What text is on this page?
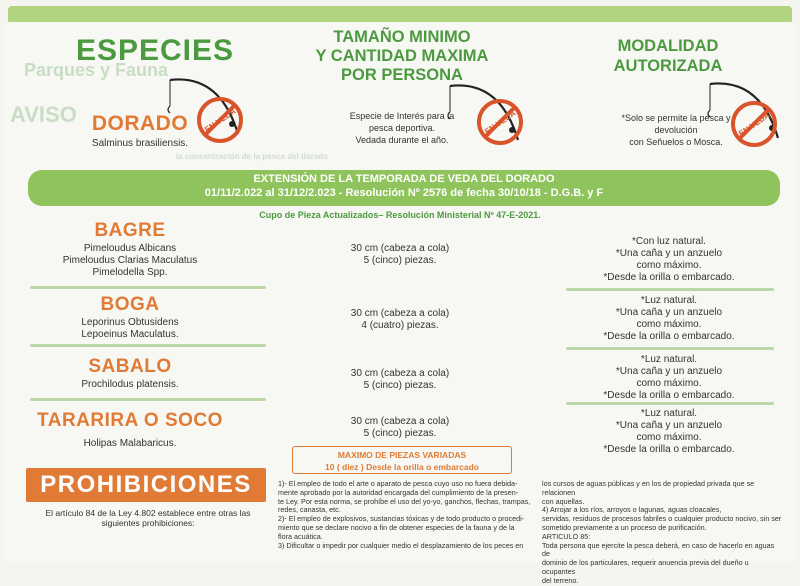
Parques y Fauna
AVISO
la concentración de la pesca del dorado
ESPECIES	TAMAÑO MINIMO
Y CANTIDAD MAXIMA
POR PERSONA
MODALIDAD
AUTORIZADA
DORADO
Salminus brasiliensis.
EN VEDA	EN VEDA	EN VEDA
Especie de Interés para la
pesca deportiva.
Vedada durante el año.
*Solo se permite la pesca y
devolución
con Señuelos o Mosca.
EXTENSIÓN DE LA TEMPORADA DE VEDA DEL DORADO
01/11/2.022 al 31/12/2.023 - Resolución Nº 2576 de fecha 30/10/18 - D.G.B. y F
Cupo de Pieza Actualizados– Resolución Ministerial Nº 47-E-2021.
BAGRE
Pimeloudus Albicans
Pimeloudus Clarias Maculatus
Pimelodella Spp.
30 cm (cabeza a cola)
5 (cinco) piezas.
*Con luz natural.
*Una caña y un anzuelo
como máximo.
*Desde la orilla o embarcado.
BOGA
Leporinus Obtusidens
Lepoeinus Maculatus.
30 cm (cabeza a cola)
4 (cuatro) piezas.
*Luz natural.
*Una caña y un anzuelo
como máximo.
*Desde la orilla o embarcado.
SABALO
Prochilodus platensis.
30 cm (cabeza a cola)
5 (cinco) piezas.
*Luz natural.
*Una caña y un anzuelo
como máximo.
*Desde la orilla o embarcado.
TARARIRA O SOCO
Holipas Malabaricus.
30 cm (cabeza a cola)
5 (cinco) piezas.
*Luz natural.
*Una caña y un anzuelo
como máximo.
*Desde la orilla o embarcado.
MAXIMO DE PIEZAS VARIADAS
10 ( diez ) Desde la orilla o embarcado
PROHIBICIONES
El artículo 84 de la Ley 4.802 establece entre otras las
siguientes prohibiciones:
1)- El empleo de todo el arte o aparato de pesca cuyo uso no fuera debida-
mente aprobado por la autoridad encargada del cumplimiento de la presen-
te Ley. Por esta norma, se prohíbe el uso del yo-yo, ganchos, flechas, trampas,
redes, canasta, etc.
2)- El empleo de explosivos, sustancias tóxicas y de todo producto o procedi-
miento que se declare nocivo a fin de obtener especies de la fauna y de la
flora acuática.
3) Dificultar o impedir por cualquier medio el desplazamiento de los peces en
los cursos de aguas públicas y en los de propiedad privada que se relacionen
con aquellas.
4) Arrojar a los ríos, arroyos o lagunas, aguas cloacales,
servidas, residuos de procesos fabriles o cualquier producto nocivo, sin ser
sometido previamente a un proceso de purificación.
ARTICULO 85:
Toda persona que ejercite la pesca deberá, en caso de hacerlo en aguas de
dominio de los particulares, requerir anuencia previa del dueño u ocupantes
del terreno.
